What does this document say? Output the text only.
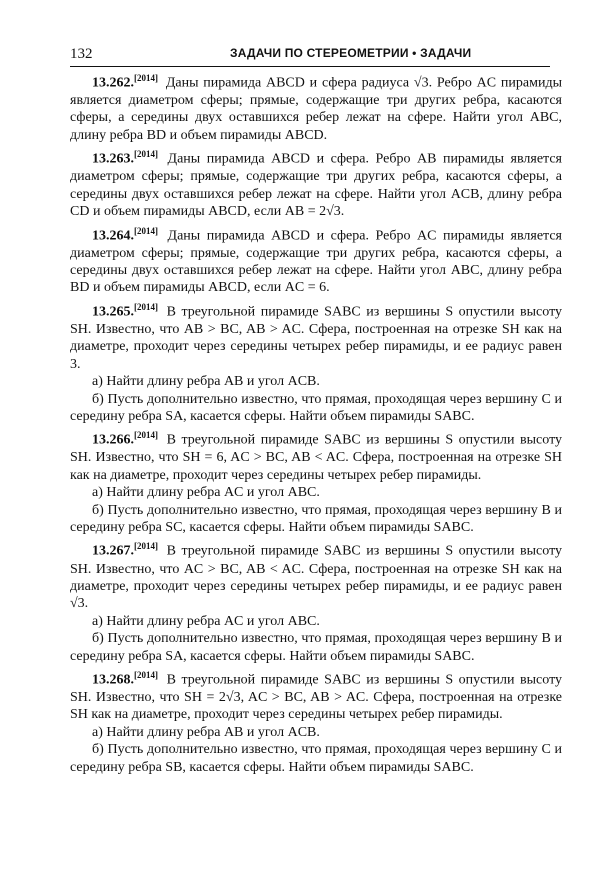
132	ЗАДАЧИ ПО СТЕРЕОМЕТРИИ • ЗАДАЧИ

13.262.[2014] Даны пирамида ABCD и сфера радиуса √3. Ребро AC пирамиды является диаметром сферы; прямые, содержащие три других ребра, касаются сферы, а середины двух оставшихся ребер лежат на сфере. Найти угол ABC, длину ребра BD и объем пирамиды ABCD.

13.263.[2014] Даны пирамида ABCD и сфера. Ребро AB пирамиды является диаметром сферы; прямые, содержащие три других ребра, касаются сферы, а середины двух оставшихся ребер лежат на сфере. Найти угол ACB, длину ребра CD и объем пирамиды ABCD, если AB = 2√3.

13.264.[2014] Даны пирамида ABCD и сфера. Ребро AC пирамиды является диаметром сферы; прямые, содержащие три других ребра, касаются сферы, а середины двух оставшихся ребер лежат на сфере. Найти угол ABC, длину ребра BD и объем пирамиды ABCD, если AC = 6.

13.265.[2014] В треугольной пирамиде SABC из вершины S опустили высоту SH. Известно, что AB > BC, AB > AC. Сфера, построенная на отрезке SH как на диаметре, проходит через середины четырех ребер пирамиды, и ее радиус равен 3.

а) Найти длину ребра AB и угол ACB.

б) Пусть дополнительно известно, что прямая, проходящая через вершину C и середину ребра SA, касается сферы. Найти объем пирамиды SABC.

13.266.[2014] В треугольной пирамиде SABC из вершины S опустили высоту SH. Известно, что SH = 6, AC > BC, AB < AC. Сфера, построенная на отрезке SH как на диаметре, проходит через середины четырех ребер пирамиды.

а) Найти длину ребра AC и угол ABC.

б) Пусть дополнительно известно, что прямая, проходящая через вершину B и середину ребра SC, касается сферы. Найти объем пирамиды SABC.

13.267.[2014] В треугольной пирамиде SABC из вершины S опустили высоту SH. Известно, что AC > BC, AB < AC. Сфера, построенная на отрезке SH как на диаметре, проходит через середины четырех ребер пирамиды, и ее радиус равен √3.

а) Найти длину ребра AC и угол ABC.

б) Пусть дополнительно известно, что прямая, проходящая через вершину B и середину ребра SA, касается сферы. Найти объем пирамиды SABC.

13.268.[2014] В треугольной пирамиде SABC из вершины S опустили высоту SH. Известно, что SH = 2√3, AC > BC, AB > AC. Сфера, построенная на отрезке SH как на диаметре, проходит через середины четырех ребер пирамиды.

а) Найти длину ребра AB и угол ACB.

б) Пусть дополнительно известно, что прямая, проходящая через вершину C и середину ребра SB, касается сферы. Найти объем пирамиды SABC.
